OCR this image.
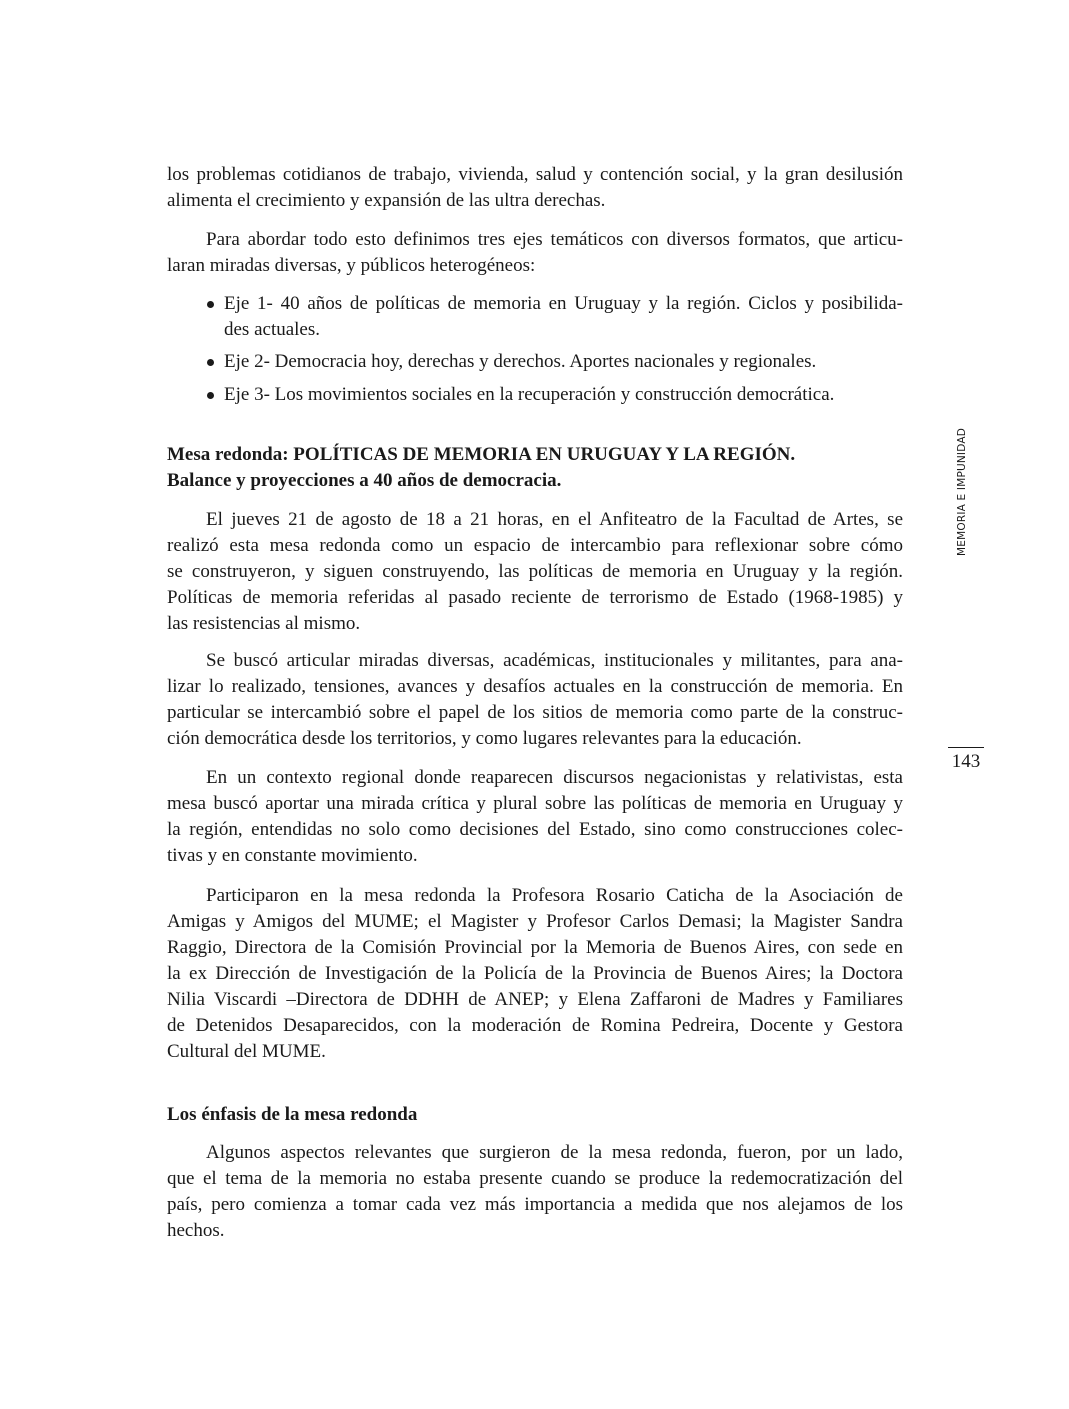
los problemas cotidianos de trabajo, vivienda, salud y contención social, y la gran desilusión
alimenta el crecimiento y expansión de las ultra derechas.
Para abordar todo esto definimos tres ejes temáticos con diversos formatos, que articu-
laran miradas diversas, y públicos heterogéneos:
Eje 1- 40 años de políticas de memoria en Uruguay y la región. Ciclos y posibilida-
des actuales.
Eje 2- Democracia hoy, derechas y derechos. Aportes nacionales y regionales.
Eje 3- Los movimientos sociales en la recuperación y construcción democrática.
Mesa redonda: POLÍTICAS DE MEMORIA EN URUGUAY Y LA REGIÓN.
Balance y proyecciones a 40 años de democracia.
El jueves 21 de agosto de 18 a 21 horas, en el Anfiteatro de la Facultad de Artes, se
realizó esta mesa redonda como un espacio de intercambio para reflexionar sobre cómo
se construyeron, y siguen construyendo, las políticas de memoria en Uruguay y la región.
Políticas de memoria referidas al pasado reciente de terrorismo de Estado (1968-1985) y
las resistencias al mismo.
Se buscó articular miradas diversas, académicas, institucionales y militantes, para ana-
lizar lo realizado, tensiones, avances y desafíos actuales en la construcción de memoria. En
particular se intercambió sobre el papel de los sitios de memoria como parte de la construc-
ción democrática desde los territorios, y como lugares relevantes para la educación.
En un contexto regional donde reaparecen discursos negacionistas y relativistas, esta
mesa buscó aportar una mirada crítica y plural sobre las políticas de memoria en Uruguay y
la región, entendidas no solo como decisiones del Estado, sino como construcciones colec-
tivas y en constante movimiento.
Participaron en la mesa redonda la Profesora Rosario Caticha de la Asociación de
Amigas y Amigos del MUME; el Magister y Profesor Carlos Demasi; la Magister Sandra
Raggio, Directora de la Comisión Provincial por la Memoria de Buenos Aires, con sede en
la ex Dirección de Investigación de la Policía de la Provincia de Buenos Aires; la Doctora
Nilia Viscardi –Directora de DDHH de ANEP; y Elena Zaffaroni de Madres y Familiares
de Detenidos Desaparecidos, con la moderación de Romina Pedreira, Docente y Gestora
Cultural del MUME.
Los énfasis de la mesa redonda
Algunos aspectos relevantes que surgieron de la mesa redonda, fueron, por un lado,
que el tema de la memoria no estaba presente cuando se produce la redemocratización del
país, pero comienza a tomar cada vez más importancia a medida que nos alejamos de los
hechos.
MEMORIA E IMPUNIDAD
143
